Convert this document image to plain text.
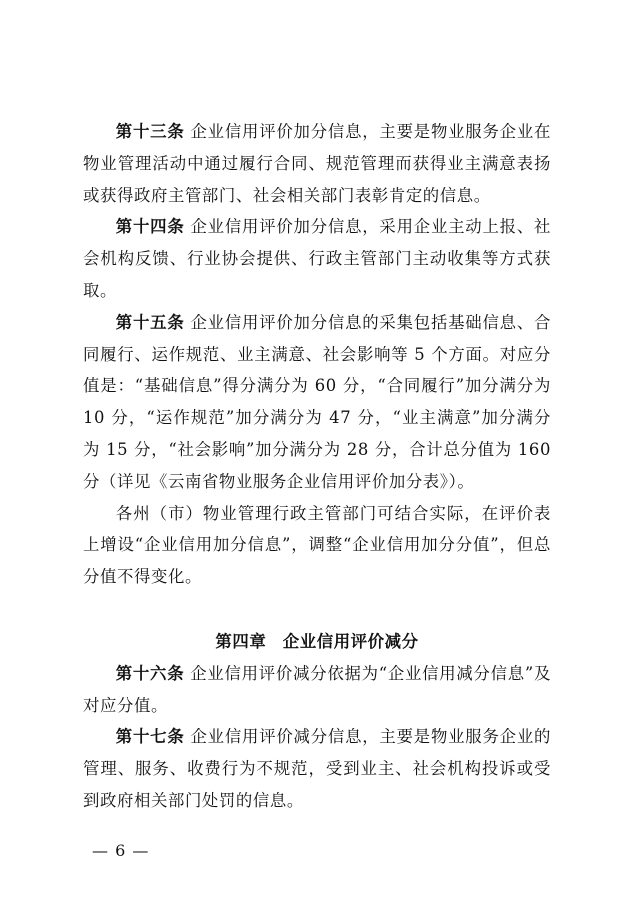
第十三条 企业信用评价加分信息，主要是物业服务企业在物业管理活动中通过履行合同、规范管理而获得业主满意表扬或获得政府主管部门、社会相关部门表彰肯定的信息。

第十四条 企业信用评价加分信息，采用企业主动上报、社会机构反馈、行业协会提供、行政主管部门主动收集等方式获取。

第十五条 企业信用评价加分信息的采集包括基础信息、合同履行、运作规范、业主满意、社会影响等 5 个方面。对应分值是：“基础信息”得分满分为 60 分，“合同履行”加分满分为 10 分，“运作规范”加分满分为 47 分，“业主满意”加分满分为 15 分，“社会影响”加分满分为 28 分，合计总分值为 160 分（详见《云南省物业服务企业信用评价加分表》）。

各州（市）物业管理行政主管部门可结合实际，在评价表上增设“企业信用加分信息”，调整“企业信用加分分值”，但总分值不得变化。

第四章 企业信用评价减分

第十六条 企业信用评价减分依据为“企业信用减分信息”及对应分值。

第十七条 企业信用评价减分信息，主要是物业服务企业的管理、服务、收费行为不规范，受到业主、社会机构投诉或受到政府相关部门处罚的信息。

— 6 —
